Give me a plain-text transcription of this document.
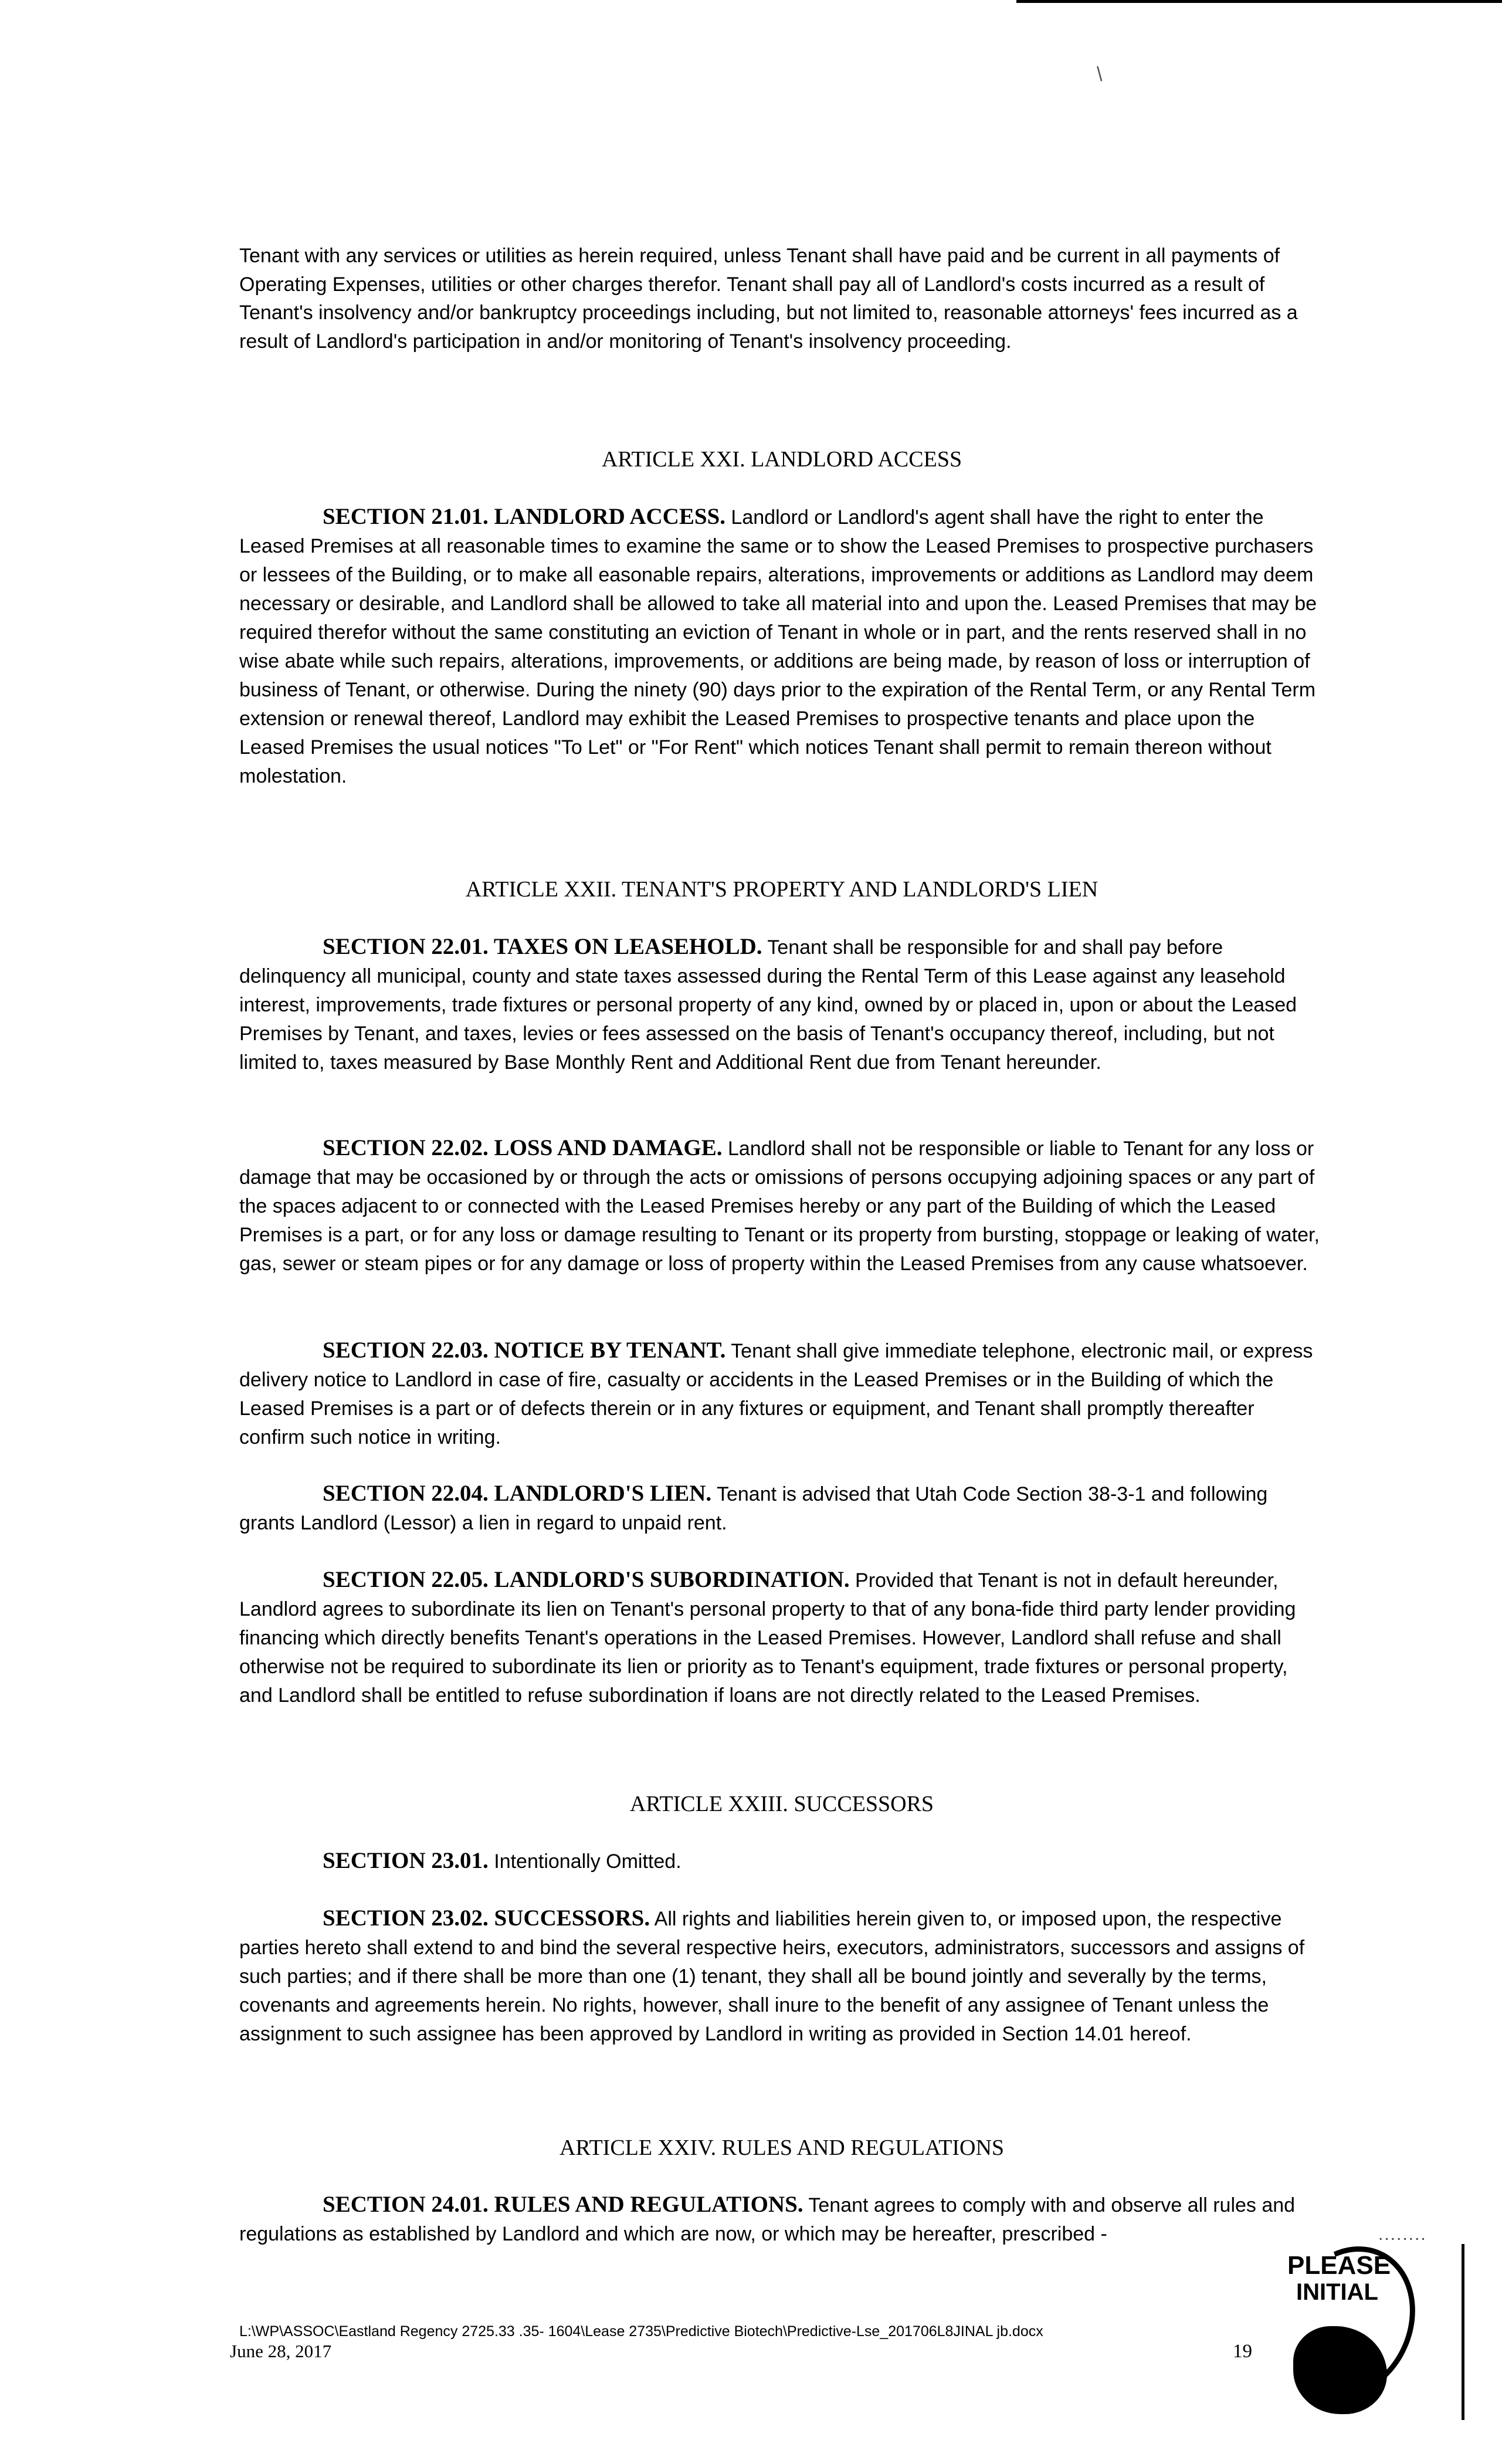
\
Tenant with any services or utilities as herein required, unless Tenant shall have paid and be current in all payments of Operating Expenses, utilities or other charges therefor. Tenant shall pay all of Landlord's costs incurred as a result of Tenant's insolvency and/or bankruptcy proceedings including, but not limited to, reasonable attorneys' fees incurred as a result of Landlord's participation in and/or monitoring of Tenant's insolvency proceeding.
ARTICLE XXI. LANDLORD ACCESS
SECTION 21.01. LANDLORD ACCESS. Landlord or Landlord's agent shall have the right to enter the Leased Premises at all reasonable times to examine the same or to show the Leased Premises to prospective purchasers or lessees of the Building, or to make all easonable repairs, alterations, improvements or additions as Landlord may deem necessary or desirable, and Landlord shall be allowed to take all material into and upon the. Leased Premises that may be required therefor without the same constituting an eviction of Tenant in whole or in part, and the rents reserved shall in no wise abate while such repairs, alterations, improvements, or additions are being made, by reason of loss or interruption of business of Tenant, or otherwise. During the ninety (90) days prior to the expiration of the Rental Term, or any Rental Term extension or renewal thereof, Landlord may exhibit the Leased Premises to prospective tenants and place upon the Leased Premises the usual notices "To Let" or "For Rent" which notices Tenant shall permit to remain thereon without molestation.
ARTICLE XXII. TENANT'S PROPERTY AND LANDLORD'S LIEN
SECTION 22.01. TAXES ON LEASEHOLD. Tenant shall be responsible for and shall pay before delinquency all municipal, county and state taxes assessed during the Rental Term of this Lease against any leasehold interest, improvements, trade fixtures or personal property of any kind, owned by or placed in, upon or about the Leased Premises by Tenant, and taxes, levies or fees assessed on the basis of Tenant's occupancy thereof, including, but not limited to, taxes measured by Base Monthly Rent and Additional Rent due from Tenant hereunder.
SECTION 22.02. LOSS AND DAMAGE. Landlord shall not be responsible or liable to Tenant for any loss or damage that may be occasioned by or through the acts or omissions of persons occupying adjoining spaces or any part of the spaces adjacent to or connected with the Leased Premises hereby or any part of the Building of which the Leased Premises is a part, or for any loss or damage resulting to Tenant or its property from bursting, stoppage or leaking of water, gas, sewer or steam pipes or for any damage or loss of property within the Leased Premises from any cause whatsoever.
SECTION 22.03. NOTICE BY TENANT. Tenant shall give immediate telephone, electronic mail, or express delivery notice to Landlord in case of fire, casualty or accidents in the Leased Premises or in the Building of which the Leased Premises is a part or of defects therein or in any fixtures or equipment, and Tenant shall promptly thereafter confirm such notice in writing.
SECTION 22.04. LANDLORD'S LIEN. Tenant is advised that Utah Code Section 38-3-1 and following grants Landlord (Lessor) a lien in regard to unpaid rent.
SECTION 22.05. LANDLORD'S SUBORDINATION. Provided that Tenant is not in default hereunder, Landlord agrees to subordinate its lien on Tenant's personal property to that of any bona-fide third party lender providing financing which directly benefits Tenant's operations in the Leased Premises. However, Landlord shall refuse and shall otherwise not be required to subordinate its lien or priority as to Tenant's equipment, trade fixtures or personal property, and Landlord shall be entitled to refuse subordination if loans are not directly related to the Leased Premises.
ARTICLE XXIII. SUCCESSORS
SECTION 23.01. Intentionally Omitted.
SECTION 23.02. SUCCESSORS. All rights and liabilities herein given to, or imposed upon, the respective parties hereto shall extend to and bind the several respective heirs, executors, administrators, successors and assigns of such parties; and if there shall be more than one (1) tenant, they shall all be bound jointly and severally by the terms, covenants and agreements herein. No rights, however, shall inure to the benefit of any assignee of Tenant unless the assignment to such assignee has been approved by Landlord in writing as provided in Section 14.01 hereof.
ARTICLE XXIV. RULES AND REGULATIONS
SECTION 24.01. RULES AND REGULATIONS. Tenant agrees to comply with and observe all rules and regulations as established by Landlord and which are now, or which may be hereafter, prescribed -	........
PLEASE
INITIAL
L:\WP\ASSOC\Eastland Regency 2725.33 .35- 1604\Lease 2735\Predictive Biotech\Predictive-Lse_201706L8JINAL jb.docx
June 28, 2017	19
